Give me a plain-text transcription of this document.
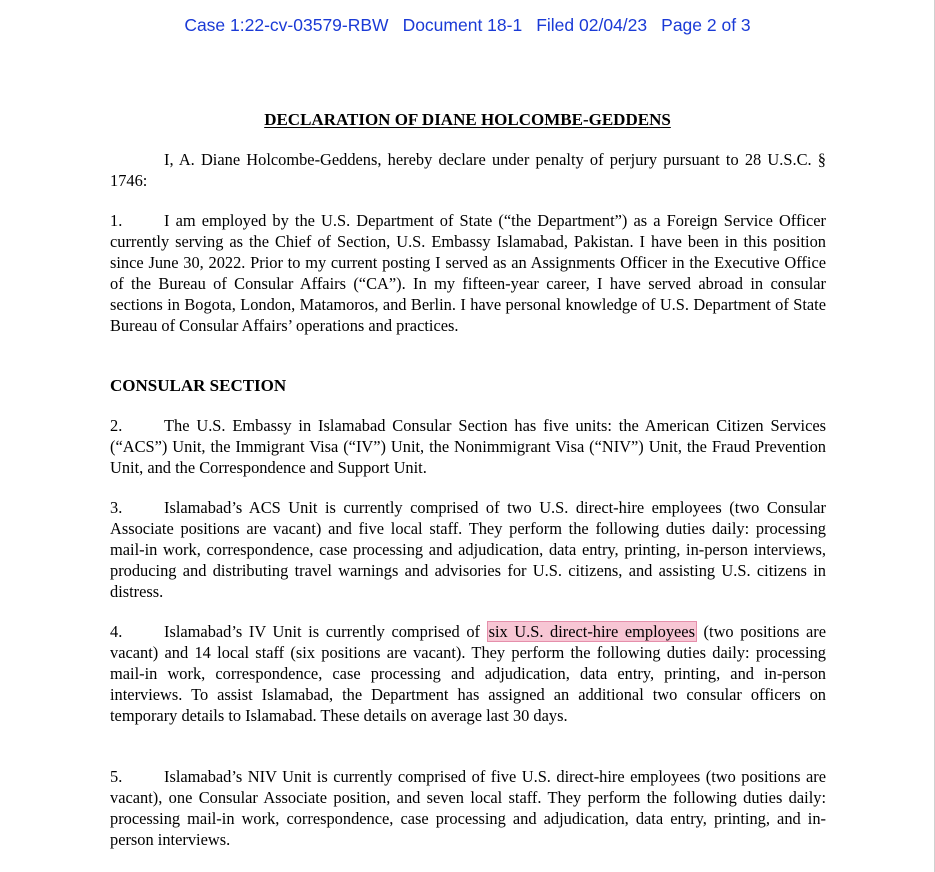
Case 1:22-cv-03579-RBW Document 18-1 Filed 02/04/23 Page 2 of 3
DECLARATION OF DIANE HOLCOMBE-GEDDENS

I, A. Diane Holcombe-Geddens, hereby declare under penalty of perjury pursuant to 28 U.S.C. § 1746:

1.	I am employed by the U.S. Department of State (“the Department”) as a Foreign Service Officer currently serving as the Chief of Section, U.S. Embassy Islamabad, Pakistan. I have been in this position since June 30, 2022. Prior to my current posting I served as an Assignments Officer in the Executive Office of the Bureau of Consular Affairs (“CA”). In my fifteen-year career, I have served abroad in consular sections in Bogota, London, Matamoros, and Berlin. I have personal knowledge of U.S. Department of State Bureau of Consular Affairs’ operations and practices.

CONSULAR SECTION

2.	The U.S. Embassy in Islamabad Consular Section has five units: the American Citizen Services (“ACS”) Unit, the Immigrant Visa (“IV”) Unit, the Nonimmigrant Visa (“NIV”) Unit, the Fraud Prevention Unit, and the Correspondence and Support Unit.

3.	Islamabad’s ACS Unit is currently comprised of two U.S. direct-hire employees (two Consular Associate positions are vacant) and five local staff. They perform the following duties daily: processing mail-in work, correspondence, case processing and adjudication, data entry, printing, in-person interviews, producing and distributing travel warnings and advisories for U.S. citizens, and assisting U.S. citizens in distress.

4.	Islamabad’s IV Unit is currently comprised of six U.S. direct-hire employees (two positions are vacant) and 14 local staff (six positions are vacant). They perform the following duties daily: processing mail-in work, correspondence, case processing and adjudication, data entry, printing, and in-person interviews. To assist Islamabad, the Department has assigned an additional two consular officers on temporary details to Islamabad. These details on average last 30 days.

5.	Islamabad’s NIV Unit is currently comprised of five U.S. direct-hire employees (two positions are vacant), one Consular Associate position, and seven local staff. They perform the following duties daily: processing mail-in work, correspondence, case processing and adjudication, data entry, printing, and in-person interviews.
